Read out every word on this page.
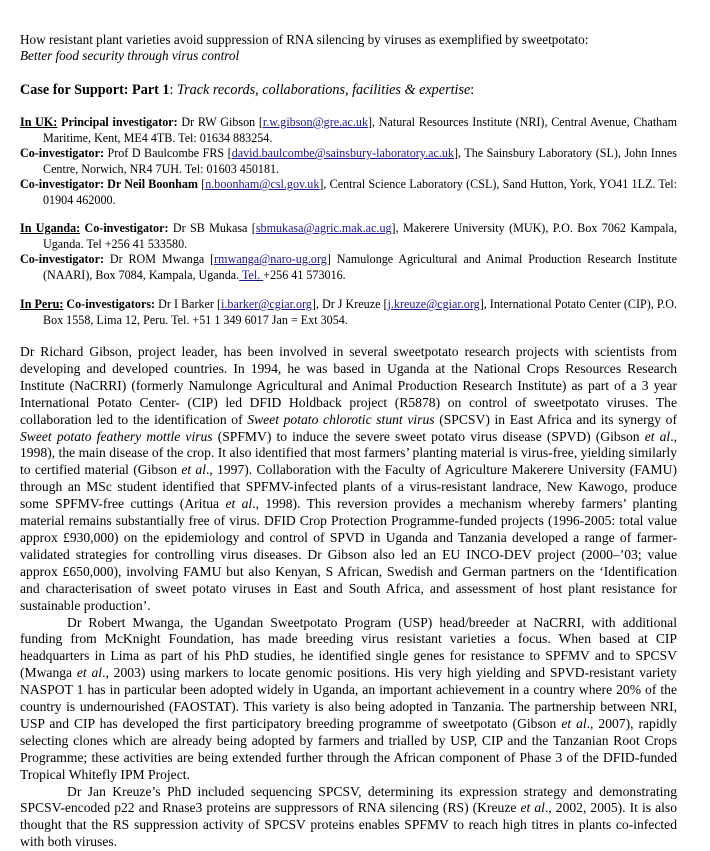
How resistant plant varieties avoid suppression of RNA silencing by viruses as exemplified by sweetpotato:
Better food security through virus control
Case for Support: Part 1: Track records, collaborations, facilities & expertise:
In UK: Principal investigator: Dr RW Gibson [r.w.gibson@gre.ac.uk], Natural Resources Institute (NRI), Central Avenue, Chatham Maritime, Kent, ME4 4TB. Tel: 01634 883254.
Co-investigator: Prof D Baulcombe FRS [david.baulcombe@sainsbury-laboratory.ac.uk], The Sainsbury Laboratory (SL), John Innes Centre, Norwich, NR4 7UH. Tel: 01603 450181.
Co-investigator: Dr Neil Boonham [n.boonham@csl.gov.uk], Central Science Laboratory (CSL), Sand Hutton, York, YO41 1LZ. Tel: 01904 462000.
In Uganda: Co-investigator: Dr SB Mukasa [sbmukasa@agric.mak.ac.ug], Makerere University (MUK), P.O. Box 7062 Kampala, Uganda. Tel +256 41 533580.
Co-investigator: Dr ROM Mwanga [rmwanga@naro-ug.org] Namulonge Agricultural and Animal Production Research Institute (NAARI), Box 7084, Kampala, Uganda. Tel. +256 41 573016.
In Peru: Co-investigators: Dr I Barker [i.barker@cgiar.org], Dr J Kreuze [j.kreuze@cgiar.org], International Potato Center (CIP), P.O. Box 1558, Lima 12, Peru. Tel. +51 1 349 6017 Jan = Ext 3054.

Dr Richard Gibson, project leader, has been involved in several sweetpotato research projects with scientists from developing and developed countries. In 1994, he was based in Uganda at the National Crops Resources Research Institute (NaCRRI) (formerly Namulonge Agricultural and Animal Production Research Institute) as part of a 3 year International Potato Center- (CIP) led DFID Holdback project (R5878) on control of sweetpotato viruses. The collaboration led to the identification of Sweet potato chlorotic stunt virus (SPCSV) in East Africa and its synergy of Sweet potato feathery mottle virus (SPFMV) to induce the severe sweet potato virus disease (SPVD) (Gibson et al., 1998), the main disease of the crop. It also identified that most farmers’ planting material is virus-free, yielding similarly to certified material (Gibson et al., 1997). Collaboration with the Faculty of Agriculture Makerere University (FAMU) through an MSc student identified that SPFMV-infected plants of a virus-resistant landrace, New Kawogo, produce some SPFMV-free cuttings (Aritua et al., 1998). This reversion provides a mechanism whereby farmers’ planting material remains substantially free of virus. DFID Crop Protection Programme-funded projects (1996-2005: total value approx £930,000) on the epidemiology and control of SPVD in Uganda and Tanzania developed a range of farmer-validated strategies for controlling virus diseases. Dr Gibson also led an EU INCO-DEV project (2000–’03; value approx £650,000), involving FAMU but also Kenyan, S African, Swedish and German partners on the ‘Identification and characterisation of sweet potato viruses in East and South Africa, and assessment of host plant resistance for sustainable production’.

Dr Robert Mwanga, the Ugandan Sweetpotato Program (USP) head/breeder at NaCRRI, with additional funding from McKnight Foundation, has made breeding virus resistant varieties a focus. When based at CIP headquarters in Lima as part of his PhD studies, he identified single genes for resistance to SPFMV and to SPCSV (Mwanga et al., 2003) using markers to locate genomic positions. His very high yielding and SPVD-resistant variety NASPOT 1 has in particular been adopted widely in Uganda, an important achievement in a country where 20% of the country is undernourished (FAOSTAT). This variety is also being adopted in Tanzania. The partnership between NRI, USP and CIP has developed the first participatory breeding programme of sweetpotato (Gibson et al., 2007), rapidly selecting clones which are already being adopted by farmers and trialled by USP, CIP and the Tanzanian Root Crops Programme; these activities are being extended further through the African component of Phase 3 of the DFID-funded Tropical Whitefly IPM Project.

Dr Jan Kreuze’s PhD included sequencing SPCSV, determining its expression strategy and demonstrating SPCSV-encoded p22 and Rnase3 proteins are suppressors of RNA silencing (RS) (Kreuze et al., 2002, 2005). It is also thought that the RS suppression activity of SPCSV proteins enables SPFMV to reach high titres in plants co-infected with both viruses.
